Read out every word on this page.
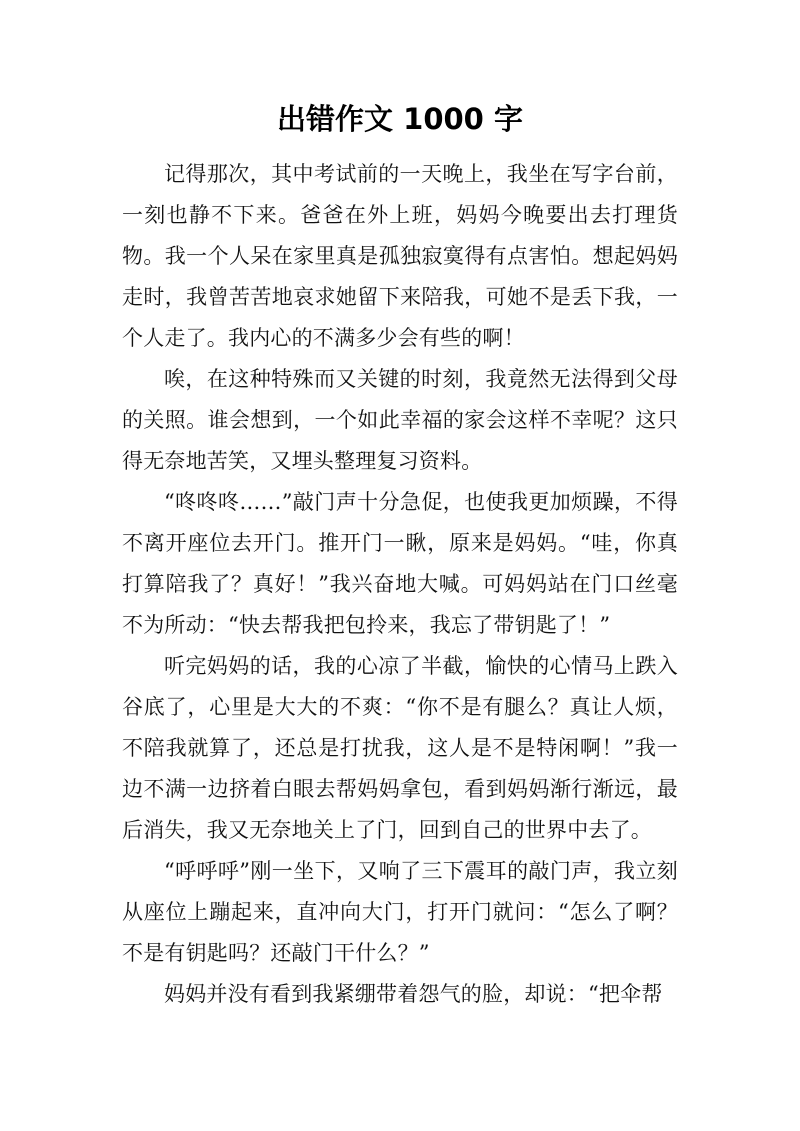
出错作文 1000 字

记得那次，其中考试前的一天晚上，我坐在写字台前，一刻也静不下来。爸爸在外上班，妈妈今晚要出去打理货物。我一个人呆在家里真是孤独寂寞得有点害怕。想起妈妈走时，我曾苦苦地哀求她留下来陪我，可她不是丢下我，一个人走了。我内心的不满多少会有些的啊！

唉，在这种特殊而又关键的时刻，我竟然无法得到父母的关照。谁会想到，一个如此幸福的家会这样不幸呢？这只得无奈地苦笑，又埋头整理复习资料。

“咚咚咚……”敲门声十分急促，也使我更加烦躁，不得不离开座位去开门。推开门一瞅，原来是妈妈。“哇，你真打算陪我了？真好！”我兴奋地大喊。可妈妈站在门口丝毫不为所动：“快去帮我把包拎来，我忘了带钥匙了！”

听完妈妈的话，我的心凉了半截，愉快的心情马上跌入谷底了，心里是大大的不爽：“你不是有腿么？真让人烦，不陪我就算了，还总是打扰我，这人是不是特闲啊！”我一边不满一边挤着白眼去帮妈妈拿包，看到妈妈渐行渐远，最后消失，我又无奈地关上了门，回到自己的世界中去了。

“呼呼呼”刚一坐下，又响了三下震耳的敲门声，我立刻从座位上蹦起来，直冲向大门，打开门就问：“怎么了啊？不是有钥匙吗？还敲门干什么？”

妈妈并没有看到我紧绷带着怨气的脸，却说：“把伞帮
